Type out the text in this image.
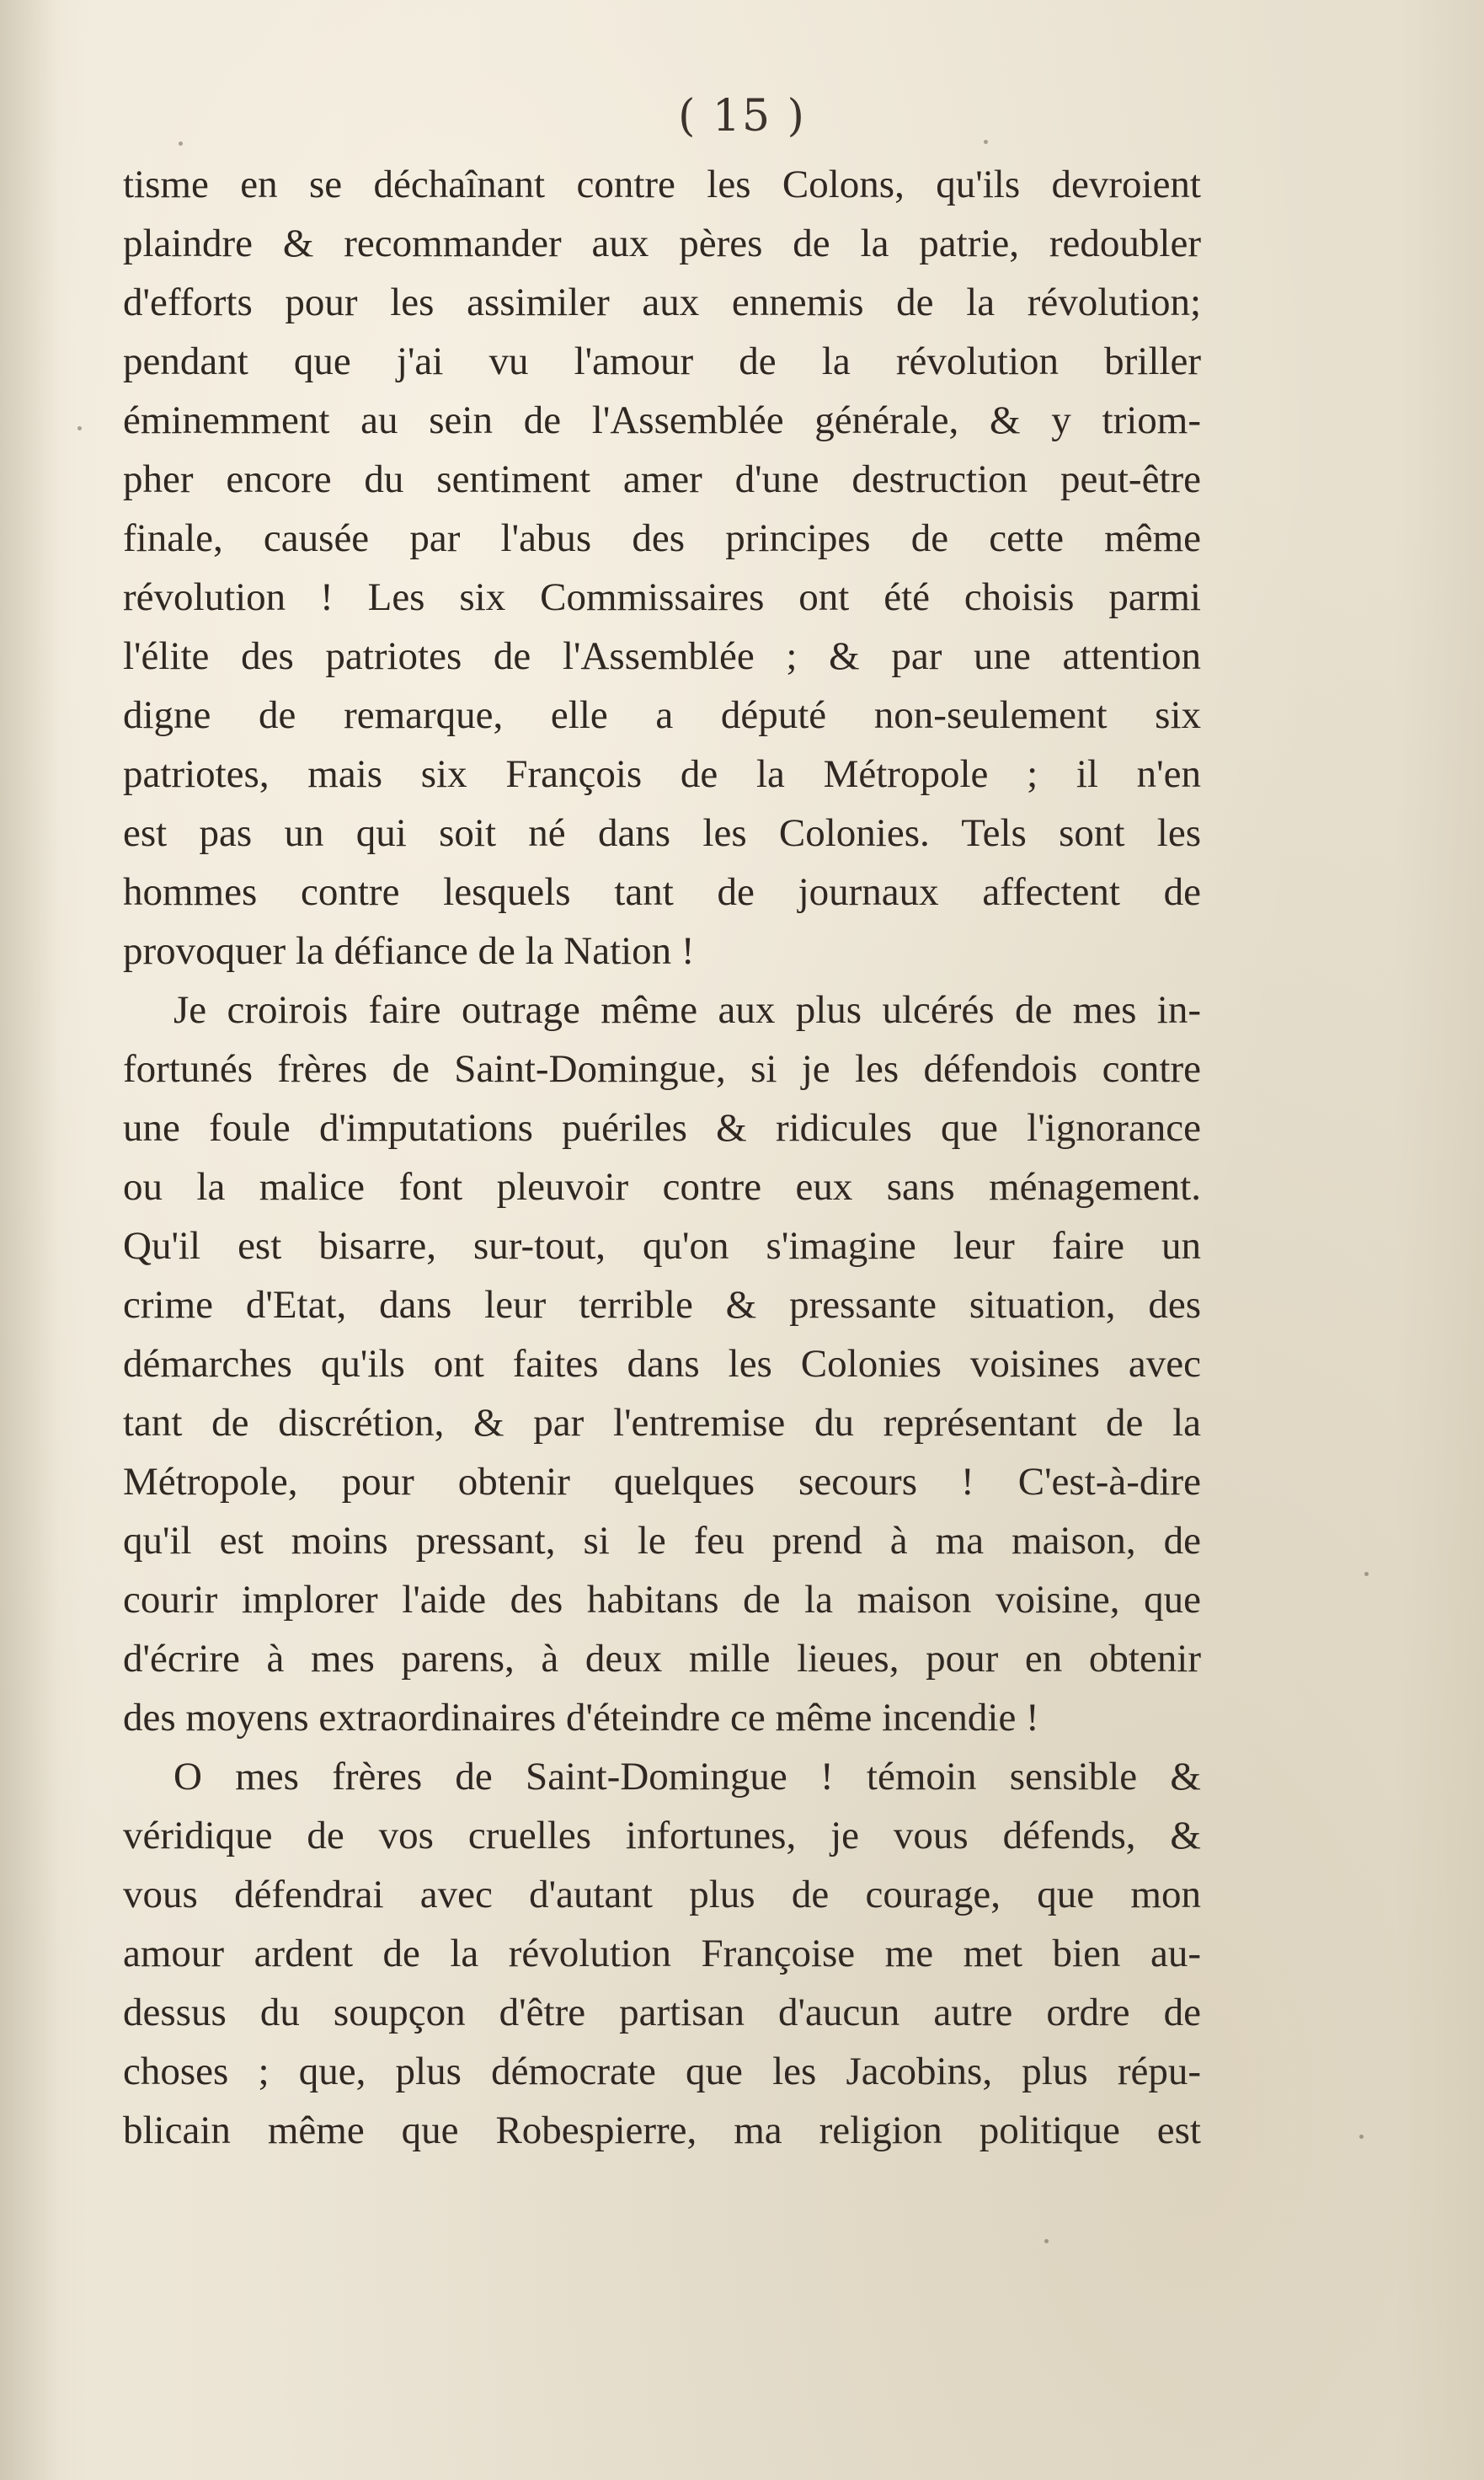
( 15 )
tisme en se déchaînant contre les Colons, qu'ils devroient
plaindre & recommander aux pères de la patrie, redoubler
d'efforts pour les assimiler aux ennemis de la révolution;
pendant que j'ai vu l'amour de la révolution briller
éminemment au sein de l'Assemblée générale, & y triom-
pher encore du sentiment amer d'une destruction peut-être
finale, causée par l'abus des principes de cette même
révolution ! Les six Commissaires ont été choisis parmi
l'élite des patriotes de l'Assemblée ; & par une attention
digne de remarque, elle a député non-seulement six
patriotes, mais six François de la Métropole ; il n'en
est pas un qui soit né dans les Colonies. Tels sont les
hommes contre lesquels tant de journaux affectent de
provoquer la défiance de la Nation !
Je croirois faire outrage même aux plus ulcérés de mes in-
fortunés frères de Saint-Domingue, si je les défendois contre
une foule d'imputations puériles & ridicules que l'ignorance
ou la malice font pleuvoir contre eux sans ménagement.
Qu'il est bisarre, sur-tout, qu'on s'imagine leur faire un
crime d'Etat, dans leur terrible & pressante situation, des
démarches qu'ils ont faites dans les Colonies voisines avec
tant de discrétion, & par l'entremise du représentant de la
Métropole, pour obtenir quelques secours ! C'est-à-dire
qu'il est moins pressant, si le feu prend à ma maison, de
courir implorer l'aide des habitans de la maison voisine, que
d'écrire à mes parens, à deux mille lieues, pour en obtenir
des moyens extraordinaires d'éteindre ce même incendie !
O mes frères de Saint-Domingue ! témoin sensible &
véridique de vos cruelles infortunes, je vous défends, &
vous défendrai avec d'autant plus de courage, que mon
amour ardent de la révolution Françoise me met bien au-
dessus du soupçon d'être partisan d'aucun autre ordre de
choses ; que, plus démocrate que les Jacobins, plus répu-
blicain même que Robespierre, ma religion politique est
